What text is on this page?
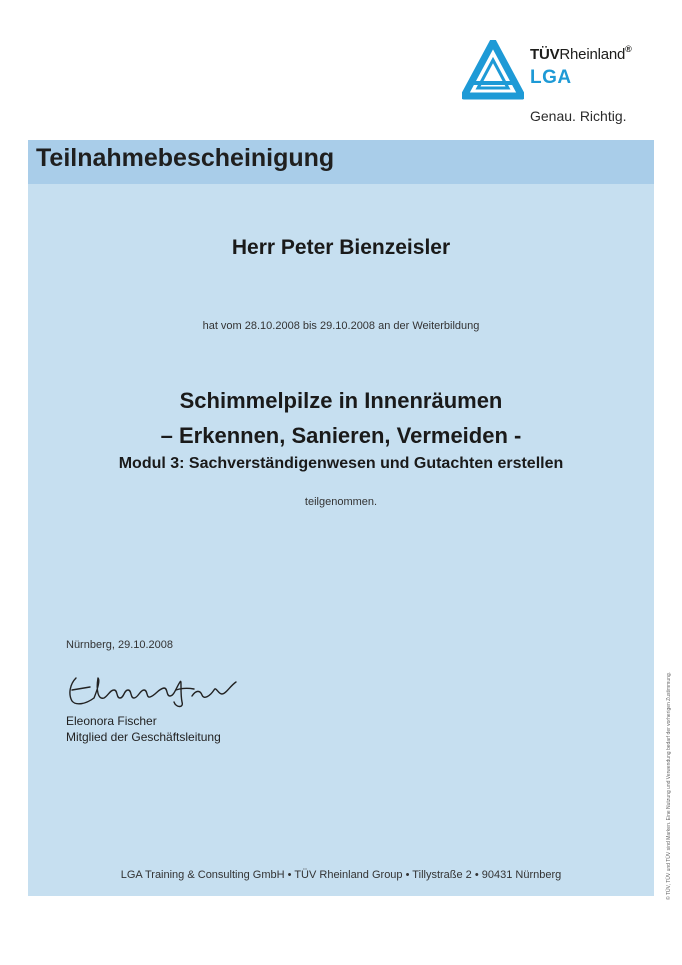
TÜVRheinland®
LGA
Genau. Richtig.
Teilnahmebescheinigung
Herr Peter Bienzeisler
hat vom 28.10.2008 bis 29.10.2008 an der Weiterbildung
Schimmelpilze in Innenräumen
– Erkennen, Sanieren, Vermeiden -
Modul 3: Sachverständigenwesen und Gutachten erstellen
teilgenommen.
Nürnberg, 29.10.2008
Eleonora Fischer
Mitglied der Geschäftsleitung
LGA Training & Consulting GmbH • TÜV Rheinland Group • Tillystraße 2 • 90431 Nürnberg	© TÜV, TÜV und TÜV sind Marken. Eine Nutzung und Verwendung bedarf der vorherigen Zustimmung.
